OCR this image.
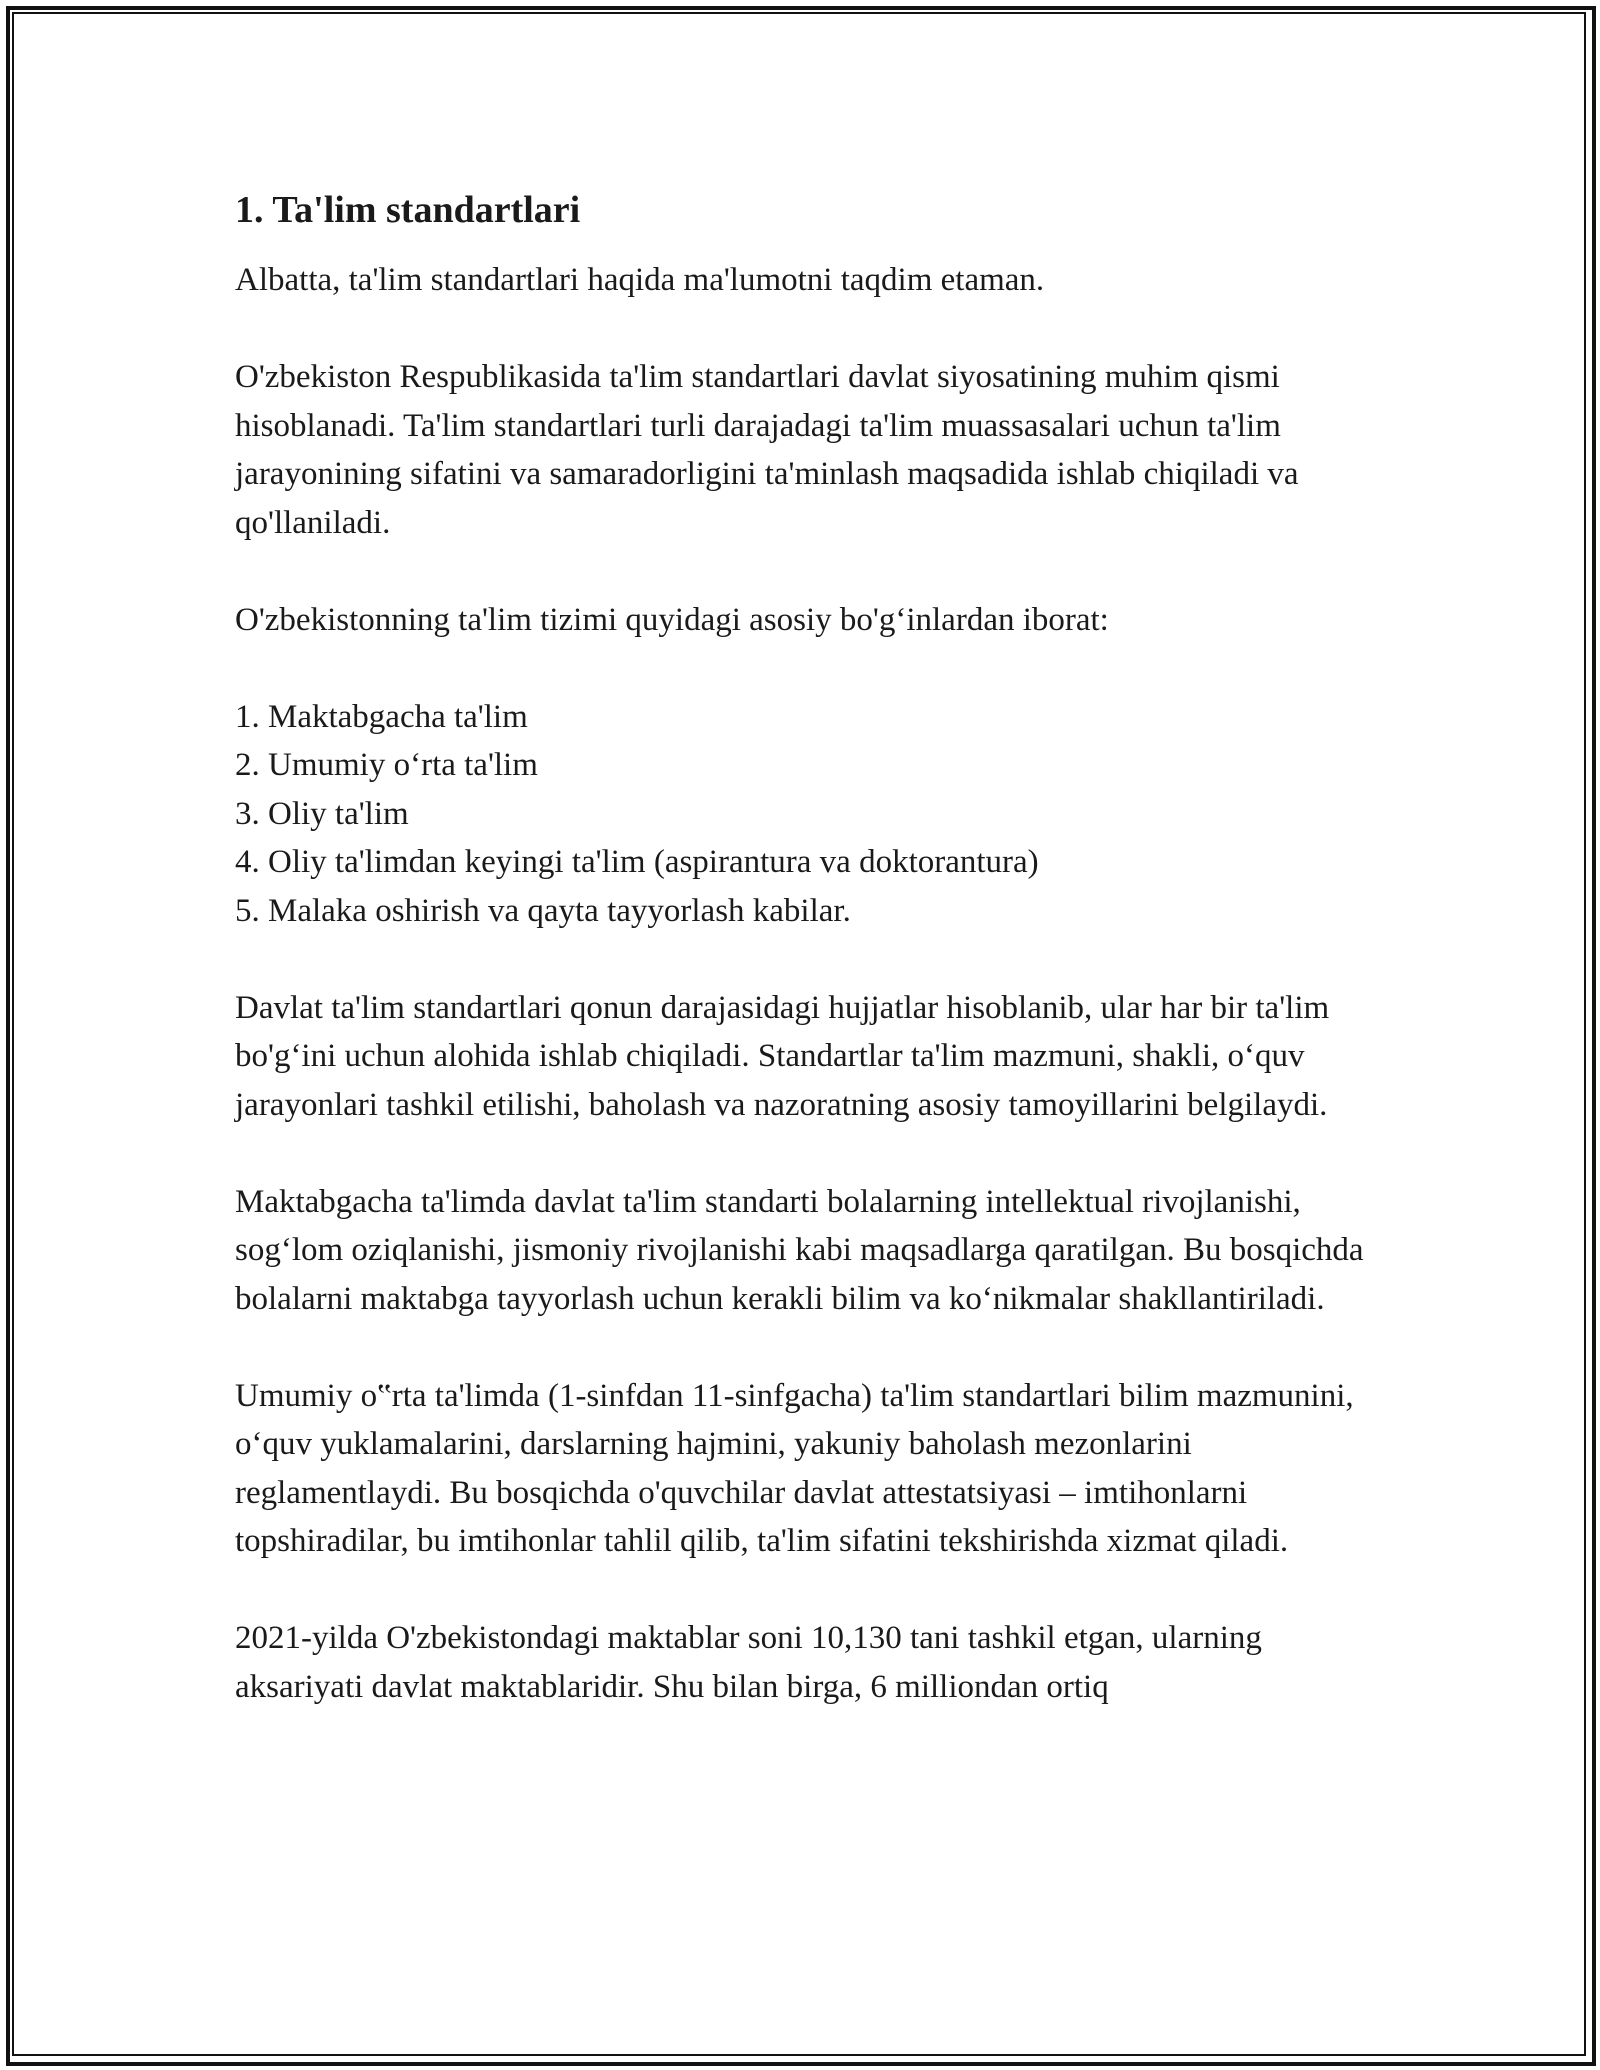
1. Ta'lim standartlari

Albatta, ta'lim standartlari haqida ma'lumotni taqdim etaman.

O'zbekiston Respublikasida ta'lim standartlari davlat siyosatining muhim qismi hisoblanadi. Ta'lim standartlari turli darajadagi ta'lim muassasalari uchun ta'lim jarayonining sifatini va samaradorligini ta'minlash maqsadida ishlab chiqiladi va qo'llaniladi.

O'zbekistonning ta'lim tizimi quyidagi asosiy bo'g‘inlardan iborat:

1. Maktabgacha ta'lim
2. Umumiy o‘rta ta'lim
3. Oliy ta'lim
4. Oliy ta'limdan keyingi ta'lim (aspirantura va doktorantura)
5. Malaka oshirish va qayta tayyorlash kabilar.

Davlat ta'lim standartlari qonun darajasidagi hujjatlar hisoblanib, ular har bir ta'lim bo'g‘ini uchun alohida ishlab chiqiladi. Standartlar ta'lim mazmuni, shakli, o‘quv jarayonlari tashkil etilishi, baholash va nazoratning asosiy tamoyillarini belgilaydi.

Maktabgacha ta'limda davlat ta'lim standarti bolalarning intellektual rivojlanishi, sog‘lom oziqlanishi, jismoniy rivojlanishi kabi maqsadlarga qaratilgan. Bu bosqichda bolalarni maktabga tayyorlash uchun kerakli bilim va ko‘nikmalar shakllantiriladi.

Umumiy o‟rta ta'limda (1-sinfdan 11-sinfgacha) ta'lim standartlari bilim mazmunini, o‘quv yuklamalarini, darslarning hajmini, yakuniy baholash mezonlarini reglamentlaydi. Bu bosqichda o'quvchilar davlat attestatsiyasi – imtihonlarni topshiradilar, bu imtihonlar tahlil qilib, ta'lim sifatini tekshirishda xizmat qiladi.

2021-yilda O'zbekistondagi maktablar soni 10,130 tani tashkil etgan, ularning aksariyati davlat maktablaridir. Shu bilan birga, 6 milliondan ortiq
